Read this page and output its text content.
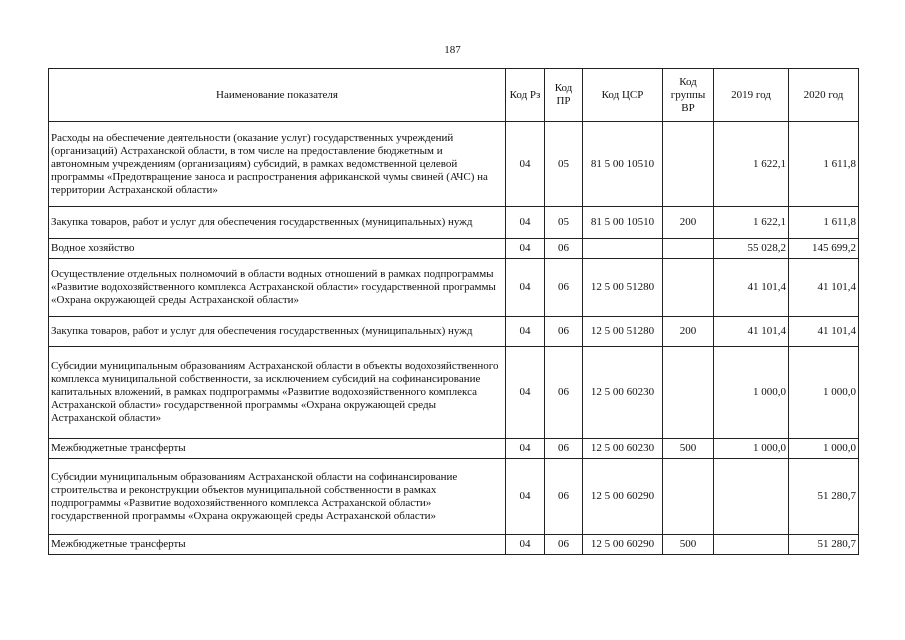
187
Наименование показателя	Код Рз	Код ПР	Код ЦСР	Код группы ВР	2019 год	2020 год
Расходы на обеспечение деятельности (оказание услуг) государственных учреждений (организаций) Астраханской области, в том числе на предоставление бюджетным и автономным учреждениям (организациям) субсидий, в рамках ведомственной целевой программы «Предотвращение заноса и распространения африканской чумы свиней (АЧС) на территории Астраханской области»	04	05	81 5 00 10510		1 622,1	1 611,8
Закупка товаров, работ и услуг для обеспечения государственных (муниципальных) нужд	04	05	81 5 00 10510	200	1 622,1	1 611,8
Водное хозяйство	04	06			55 028,2	145 699,2
Осуществление отдельных полномочий в области водных отношений в рамках подпрограммы «Развитие водохозяйственного комплекса Астраханской области» государственной программы «Охрана окружающей среды Астраханской области»	04	06	12 5 00 51280		41 101,4	41 101,4
Закупка товаров, работ и услуг для обеспечения государственных (муниципальных) нужд	04	06	12 5 00 51280	200	41 101,4	41 101,4
Субсидии муниципальным образованиям Астраханской области в объекты водохозяйственного комплекса муниципальной собственности, за исключением субсидий на софинансирование капитальных вложений, в рамках подпрограммы «Развитие водохозяйственного комплекса Астраханской области» государственной программы «Охрана окружающей среды Астраханской области»	04	06	12 5 00 60230		1 000,0	1 000,0
Межбюджетные трансферты	04	06	12 5 00 60230	500	1 000,0	1 000,0
Субсидии муниципальным образованиям Астраханской области на софинансирование строительства и реконструкции объектов муниципальной собственности в рамках подпрограммы «Развитие водохозяйственного комплекса Астраханской области» государственной программы «Охрана окружающей среды Астраханской области»	04	06	12 5 00 60290			51 280,7
Межбюджетные трансферты	04	06	12 5 00 60290	500		51 280,7
